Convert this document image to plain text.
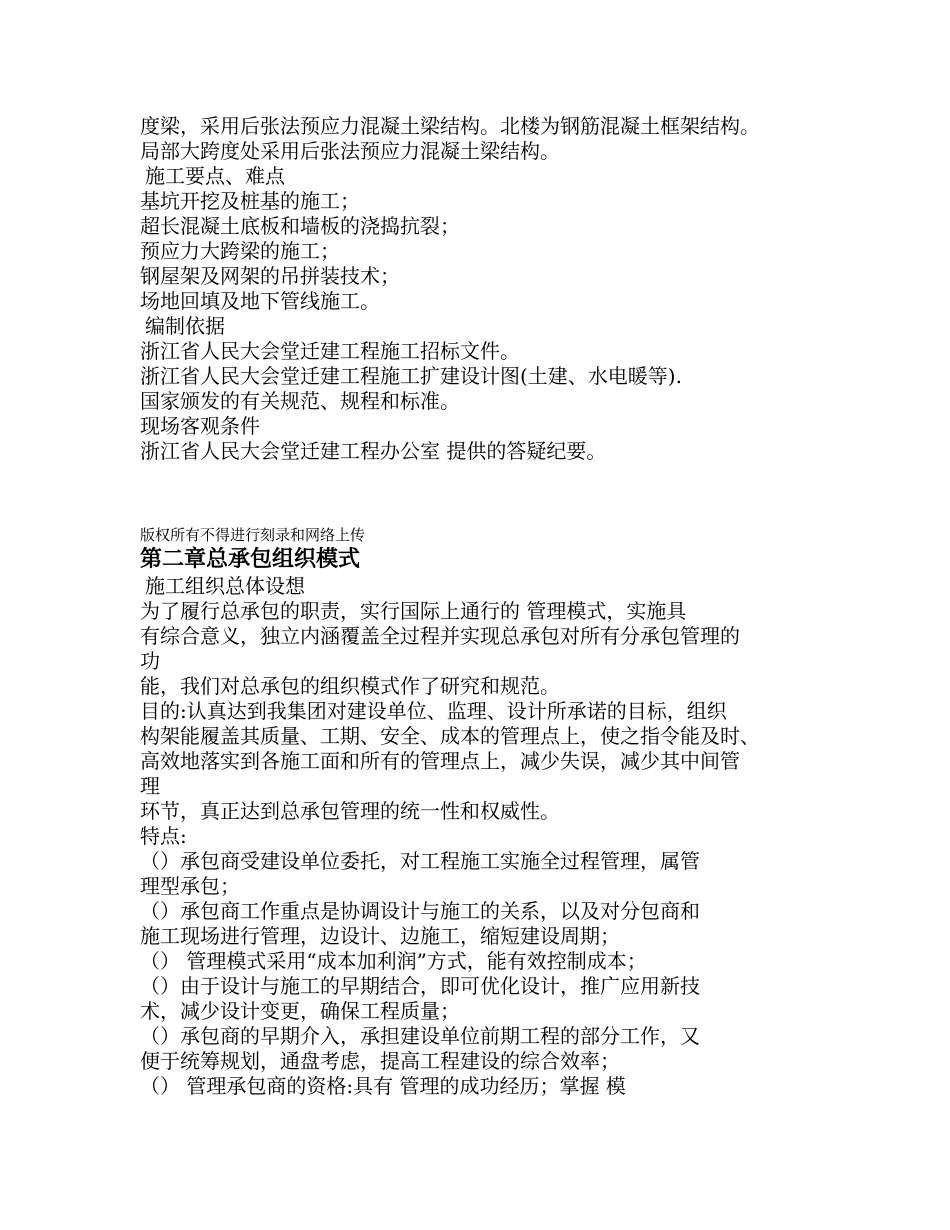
度梁，采用后张法预应力混凝土梁结构。北楼为钢筋混凝土框架结构。
局部大跨度处采用后张法预应力混凝土梁结构。
施工要点、难点
基坑开挖及桩基的施工；
超长混凝土底板和墙板的浇捣抗裂；
预应力大跨梁的施工；
钢屋架及网架的吊拼装技术；
场地回填及地下管线施工。
编制依据
浙江省人民大会堂迁建工程施工招标文件。
浙江省人民大会堂迁建工程施工扩建设计图(土建、水电暖等).
国家颁发的有关规范、规程和标准。
现场客观条件
浙江省人民大会堂迁建工程办公室 提供的答疑纪要。
版权所有不得进行刻录和网络上传
第二章总承包组织模式
施工组织总体设想
为了履行总承包的职责，实行国际上通行的 管理模式，实施具
有综合意义，独立内涵覆盖全过程并实现总承包对所有分承包管理的
功
能，我们对总承包的组织模式作了研究和规范。
目的:认真达到我集团对建设单位、监理、设计所承诺的目标，组织
构架能履盖其质量、工期、安全、成本的管理点上，使之指令能及时、
高效地落实到各施工面和所有的管理点上，减少失误，减少其中间管
理
环节，真正达到总承包管理的统一性和权威性。
特点:
（）承包商受建设单位委托，对工程施工实施全过程管理，属管
理型承包；
（）承包商工作重点是协调设计与施工的关系，以及对分包商和
施工现场进行管理，边设计、边施工，缩短建设周期；
（） 管理模式采用“成本加利润”方式，能有效控制成本；
（）由于设计与施工的早期结合，即可优化设计，推广应用新技
术，减少设计变更，确保工程质量；
（）承包商的早期介入，承担建设单位前期工程的部分工作，又
便于统筹规划，通盘考虑，提高工程建设的综合效率；
（） 管理承包商的资格:具有 管理的成功经历；掌握 模
